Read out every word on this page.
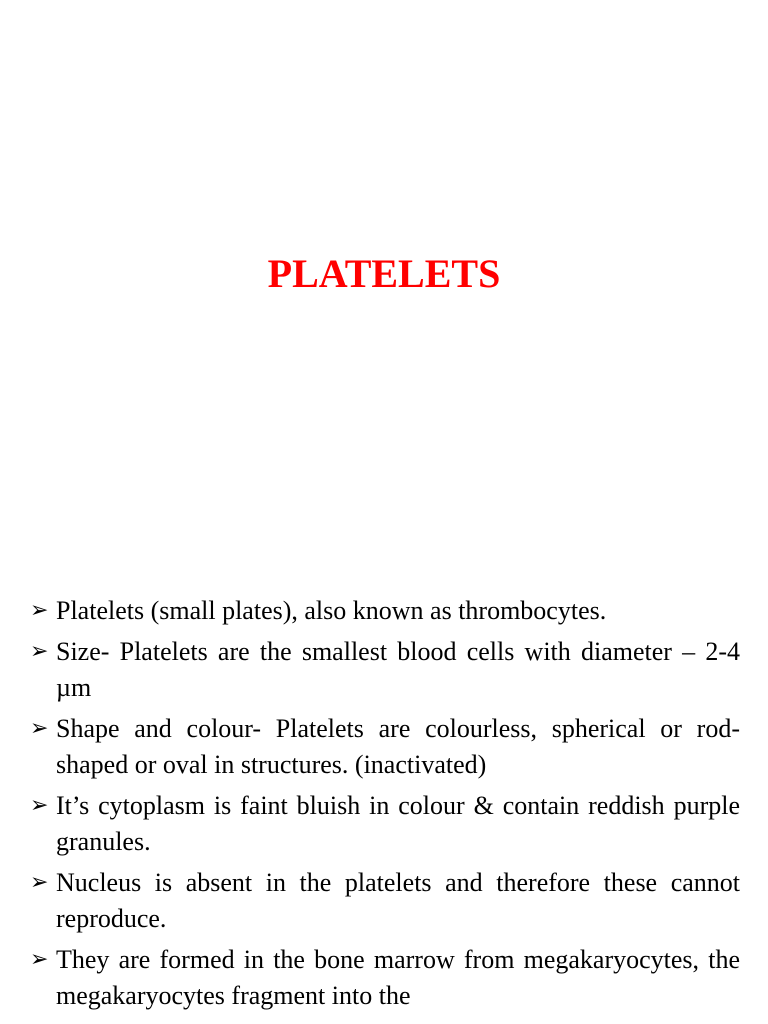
PLATELETS
➢ Platelets (small plates), also known as thrombocytes.
➢ Size- Platelets are the smallest blood cells with diameter – 2-4 µm
➢ Shape and colour- Platelets are colourless, spherical or rod-shaped or oval in structures. (inactivated)
➢ It’s cytoplasm is faint bluish in colour & contain reddish purple granules.
➢ Nucleus is absent in the platelets and therefore these cannot reproduce.
➢ They are formed in the bone marrow from megakaryocytes, the megakaryocytes fragment into the
